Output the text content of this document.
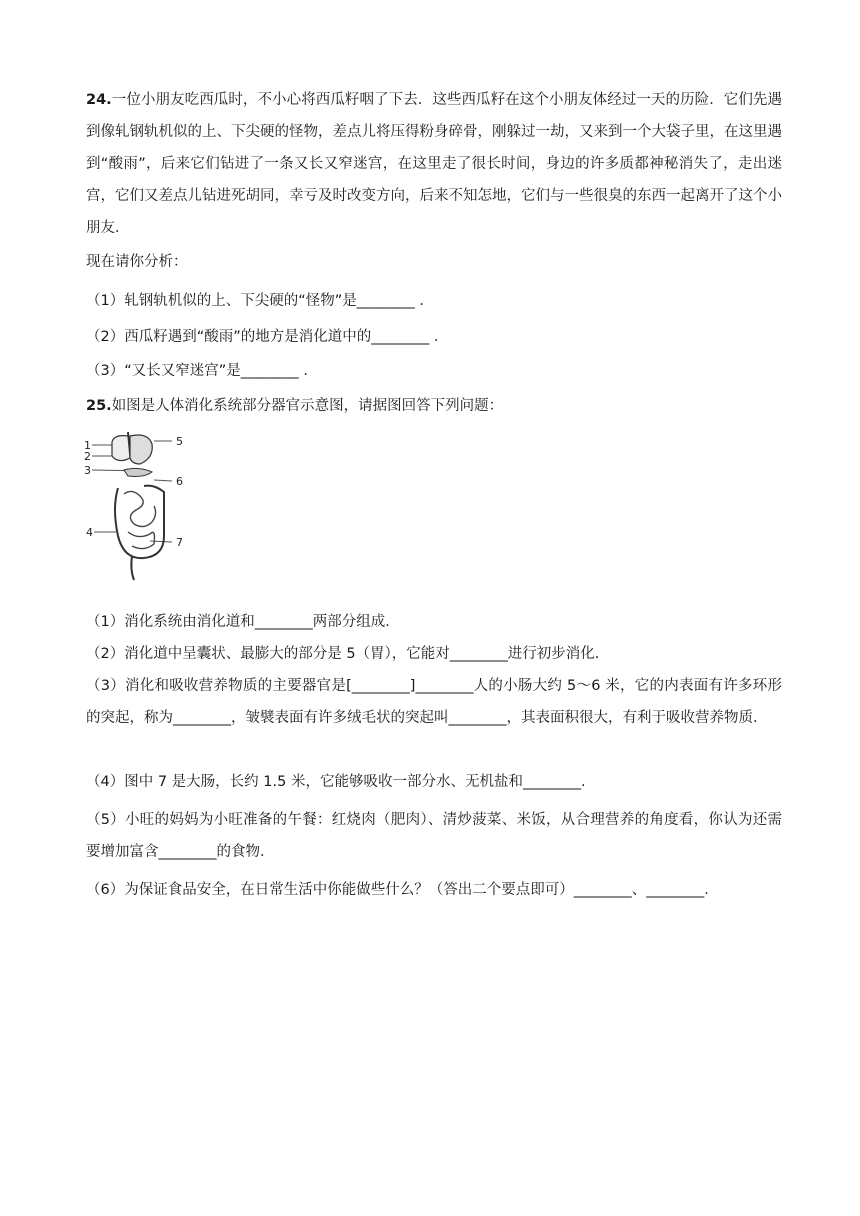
24.一位小朋友吃西瓜时，不小心将西瓜籽咽了下去．这些西瓜籽在这个小朋友体经过一天的历险．它们先遇到像轧钢轨机似的上、下尖硬的怪物，差点儿将压得粉身碎骨，刚躲过一劫，又来到一个大袋子里，在这里遇到“酸雨”，后来它们钻进了一条又长又窄迷宫，在这里走了很长时间，身边的许多质都神秘消失了，走出迷宫，它们又差点儿钻进死胡同，幸亏及时改变方向，后来不知怎地，它们与一些很臭的东西一起离开了这个小朋友．
现在请你分析：
（1）轧钢轨机似的上、下尖硬的“怪物”是________ ．
（2）西瓜籽遇到“酸雨”的地方是消化道中的________ ．
（3）“又长又窄迷宫”是________ ．
25.如图是人体消化系统部分器官示意图，请据图回答下列问题：
1
2
3
4
5
6
7
（1）消化系统由消化道和________两部分组成．
（2）消化道中呈囊状、最膨大的部分是 5（胃），它能对________进行初步消化．
（3）消化和吸收营养物质的主要器官是[________]________人的小肠大约 5～6 米，它的内表面有许多环形的突起，称为________，皱襞表面有许多绒毛状的突起叫________，其表面积很大，有利于吸收营养物质．
（4）图中 7 是大肠，长约 1.5 米，它能够吸收一部分水、无机盐和________.
（5）小旺的妈妈为小旺准备的午餐：红烧肉（肥肉）、清炒菠菜、米饭，从合理营养的角度看，你认为还需要增加富含________的食物．
（6）为保证食品安全，在日常生活中你能做些什么？（答出二个要点即可）________、________．
